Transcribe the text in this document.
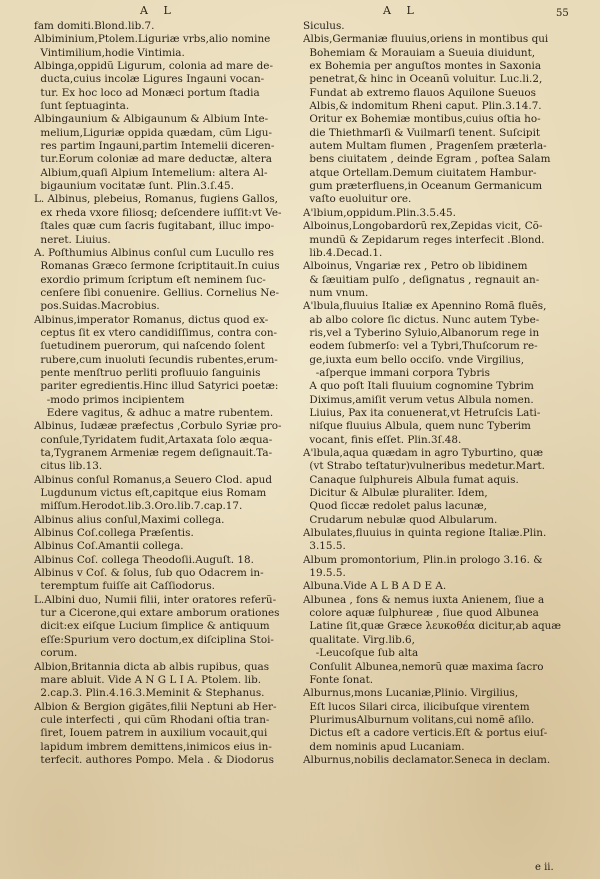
A L	A L	55
fam domiti.Blond.lib.7.
Albiminium,Ptolem.Liguriæ vrbs,alio nomine
Vintimilium,hodie Vintimia.
Albinga,oppidũ Ligurum, colonia ad mare de-
ducta,cuius incolæ Ligures Ingauni vocan-
tur. Ex hoc loco ad Monæci portum ſtadia
ſunt ſeptuaginta.
Albingaunium & Albigaunum & Albium Inte-
melium,Liguriæ oppida quædam, cũm Ligu-
res partim Ingauni,partim Intemelii diceren-
tur.Eorum coloniæ ad mare deductæ, altera
Albium,quaſi Alpium Intemelium: altera Al-
bigaunium vocitatæ ſunt. Plin.3.ſ.45.
L. Albinus, plebeius, Romanus, fugiens Gallos,
ex rheda vxore filiosq; deſcendere iuſſit:vt Ve-
ſtales quæ cum ſacris fugitabant, illuc impo-
neret. Liuius.
A. Poſthumius Albinus conſul cum Lucullo res
Romanas Græco ſermone ſcriptitauit.In cuius
exordio primum ſcriptum eſt neminem ſuc-
cenſere ſibi conuenire. Gellius. Cornelius Ne-
pos.Suidas.Macrobius.
Albinus,imperator Romanus, dictus quod ex-
ceptus ſit ex vtero candidiſſimus, contra con-
ſuetudinem puerorum, qui naſcendo ſolent
rubere,cum inuoluti ſecundis rubentes,erum-
pente menſtruo perliti profluuio ſanguinis
pariter egredientis.Hinc illud Satyrici poetæ:
-modo primos incipientem
Edere vagitus, & adhuc a matre rubentem.
Albinus, Iudææ præfectus ,Corbulo Syriæ pro-
conſule,Tyridatem fudit,Artaxata ſolo æqua-
ta,Tygranem Armeniæ regem deſignauit.Ta-
citus lib.13.
Albinus conſul Romanus,a Seuero Clod. apud
Lugdunum victus eſt,capitque eius Romam
miſſum.Herodot.lib.3.Oro.lib.7.cap.17.
Albinus alius conſul,Maximi collega.
Albinus Coſ.collega Præſentis.
Albinus Coſ.Amantii collega.
Albinus Coſ. collega Theodoſii.Auguſt. 18.
Albinus v Coſ. & ſolus, ſub quo Odacrem in-
teremptum fuiſſe ait Caſſiodorus.
L.Albini duo, Numii filii, inter oratores referũ-
tur a Cicerone,qui extare amborum orationes
dicit:ex eiſque Lucium ſimplice & antiquum
eſſe:Spurium vero doctum,ex diſciplina Stoi-
corum.
Albion,Britannia dicta ab albis rupibus, quas
mare abluit. Vide A N G L I A. Ptolem. lib.
2.cap.3. Plin.4.16.3.Meminit & Stephanus.
Albion & Bergion gigãtes,filii Neptuni ab Her-
cule interfecti , qui cũm Rhodani oſtia tran-
ſiret, Iouem patrem in auxilium vocauit,qui
lapidum imbrem demittens,inimicos eius in-
terfecit. authores Pompo. Mela . & Diodorus
Siculus.
Albis,Germaniæ fluuius,oriens in montibus qui
Bohemiam & Morauiam a Sueuia diuidunt,
ex Bohemia per anguſtos montes in Saxonia
penetrat,& hinc in Oceanũ voluitur. Luc.li.2,
Fundat ab extremo flauos Aquilone Sueuos
Albis,& indomitum Rheni caput. Plin.3.14.7.
Oritur ex Bohemiæ montibus,cuius oſtia ho-
die Thiethmarſi & Vuilmarſi tenent. Suſcipit
autem Multam flumen , Pragenſem præterla-
bens ciuitatem , deinde Egram , poſtea Salam
atque Ortellam.Demum ciuitatem Hambur-
gum præterfluens,in Oceanum Germanicum
vaſto euoluitur ore.
A'lbium,oppidum.Plin.3.5.45.
Alboinus,Longobardorũ rex,Zepidas vicit, Cõ-
mundũ & Zepidarum reges interfecit .Blond.
lib.4.Decad.1.
Alboinus, Vngariæ rex , Petro ob libidinem
& ſæuitiam pulſo , deſignatus , regnauit an-
num vnum.
A'lbula,fluuius Italiæ ex Apennino Romã fluẽs,
ab albo colore ſic dictus. Nunc autem Tybe-
ris,vel a Tyberino Syluio,Albanorum rege in
eodem ſubmerſo: vel a Tybri,Thuſcorum re-
ge,iuxta eum bello occiſo. vnde Virgilius,
-aſperque immani corpora Tybris
A quo poſt Itali fluuium cognomine Tybrim
Diximus,amiſit verum vetus Albula nomen.
Liuius, Pax ita conuenerat,vt Hetruſcis Lati-
niſque fluuius Albula, quem nunc Tyberim
vocant, finis eſſet. Plin.3ſ.48.
A'lbula,aqua quædam in agro Tyburtino, quæ
(vt Strabo teſtatur)vulneribus medetur.Mart.
Canaque ſulphureis Albula fumat aquis.
Dicitur & Albulæ pluraliter. Idem,
Quod ſiccæ redolet palus lacunæ,
Crudarum nebulæ quod Albularum.
Albulates,fluuius in quinta regione Italiæ.Plin.
3.15.5.
Album promontorium, Plin.in prologo 3.16. &
19.5.5.
Albuna.Vide A L B A D E A.
Albunea , fons & nemus iuxta Anienem, ſiue a
colore aquæ ſulphureæ , ſiue quod Albunea
Latine ſit,quæ Græce λευκοθέα dicitur,ab aquæ
qualitate. Virg.lib.6,
-Leucoſque ſub alta
Conſulit Albunea,nemorũ quæ maxima ſacro
Fonte ſonat.
Alburnus,mons Lucaniæ,Plinio. Virgilius,
Eſt lucos Silari circa, ilicibuſque virentem
PlurimusAlburnum volitans,cui nomẽ aſilo.
Dictus eſt a cadore verticis.Eſt & portus eiuſ-
dem nominis apud Lucaniam.
Alburnus,nobilis declamator.Seneca in declam.
e ii.
